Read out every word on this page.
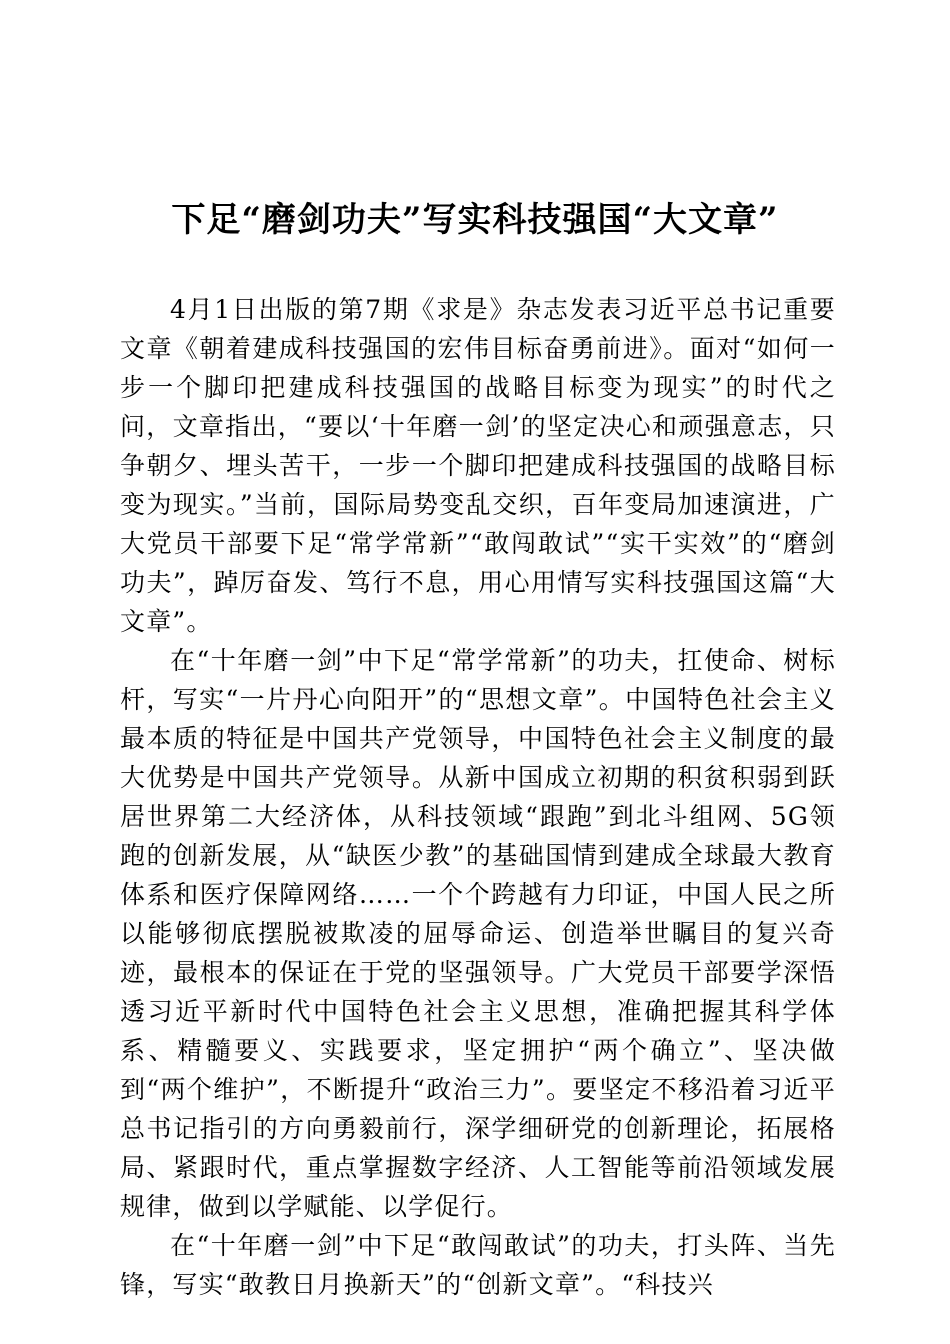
下足“磨剑功夫”写实科技强国“大文章”

4月1日出版的第7期《求是》杂志发表习近平总书记重要文章《朝着建成科技强国的宏伟目标奋勇前进》。面对“如何一步一个脚印把建成科技强国的战略目标变为现实”的时代之问，文章指出，“要以‘十年磨一剑’的坚定决心和顽强意志，只争朝夕、埋头苦干，一步一个脚印把建成科技强国的战略目标变为现实。”当前，国际局势变乱交织，百年变局加速演进，广大党员干部要下足“常学常新”“敢闯敢试”“实干实效”的“磨剑功夫”，踔厉奋发、笃行不息，用心用情写实科技强国这篇“大文章”。

在“十年磨一剑”中下足“常学常新”的功夫，扛使命、树标杆，写实“一片丹心向阳开”的“思想文章”。中国特色社会主义最本质的特征是中国共产党领导，中国特色社会主义制度的最大优势是中国共产党领导。从新中国成立初期的积贫积弱到跃居世界第二大经济体，从科技领域“跟跑”到北斗组网、5G领跑的创新发展，从“缺医少教”的基础国情到建成全球最大教育体系和医疗保障网络……一个个跨越有力印证，中国人民之所以能够彻底摆脱被欺凌的屈辱命运、创造举世瞩目的复兴奇迹，最根本的保证在于党的坚强领导。广大党员干部要学深悟透习近平新时代中国特色社会主义思想，准确把握其科学体系、精髓要义、实践要求，坚定拥护“两个确立”、坚决做到“两个维护”，不断提升“政治三力”。要坚定不移沿着习近平总书记指引的方向勇毅前行，深学细研党的创新理论，拓展格局、紧跟时代，重点掌握数字经济、人工智能等前沿领域发展规律，做到以学赋能、以学促行。

在“十年磨一剑”中下足“敢闯敢试”的功夫，打头阵、当先锋，写实“敢教日月换新天”的“创新文章”。“科技兴
